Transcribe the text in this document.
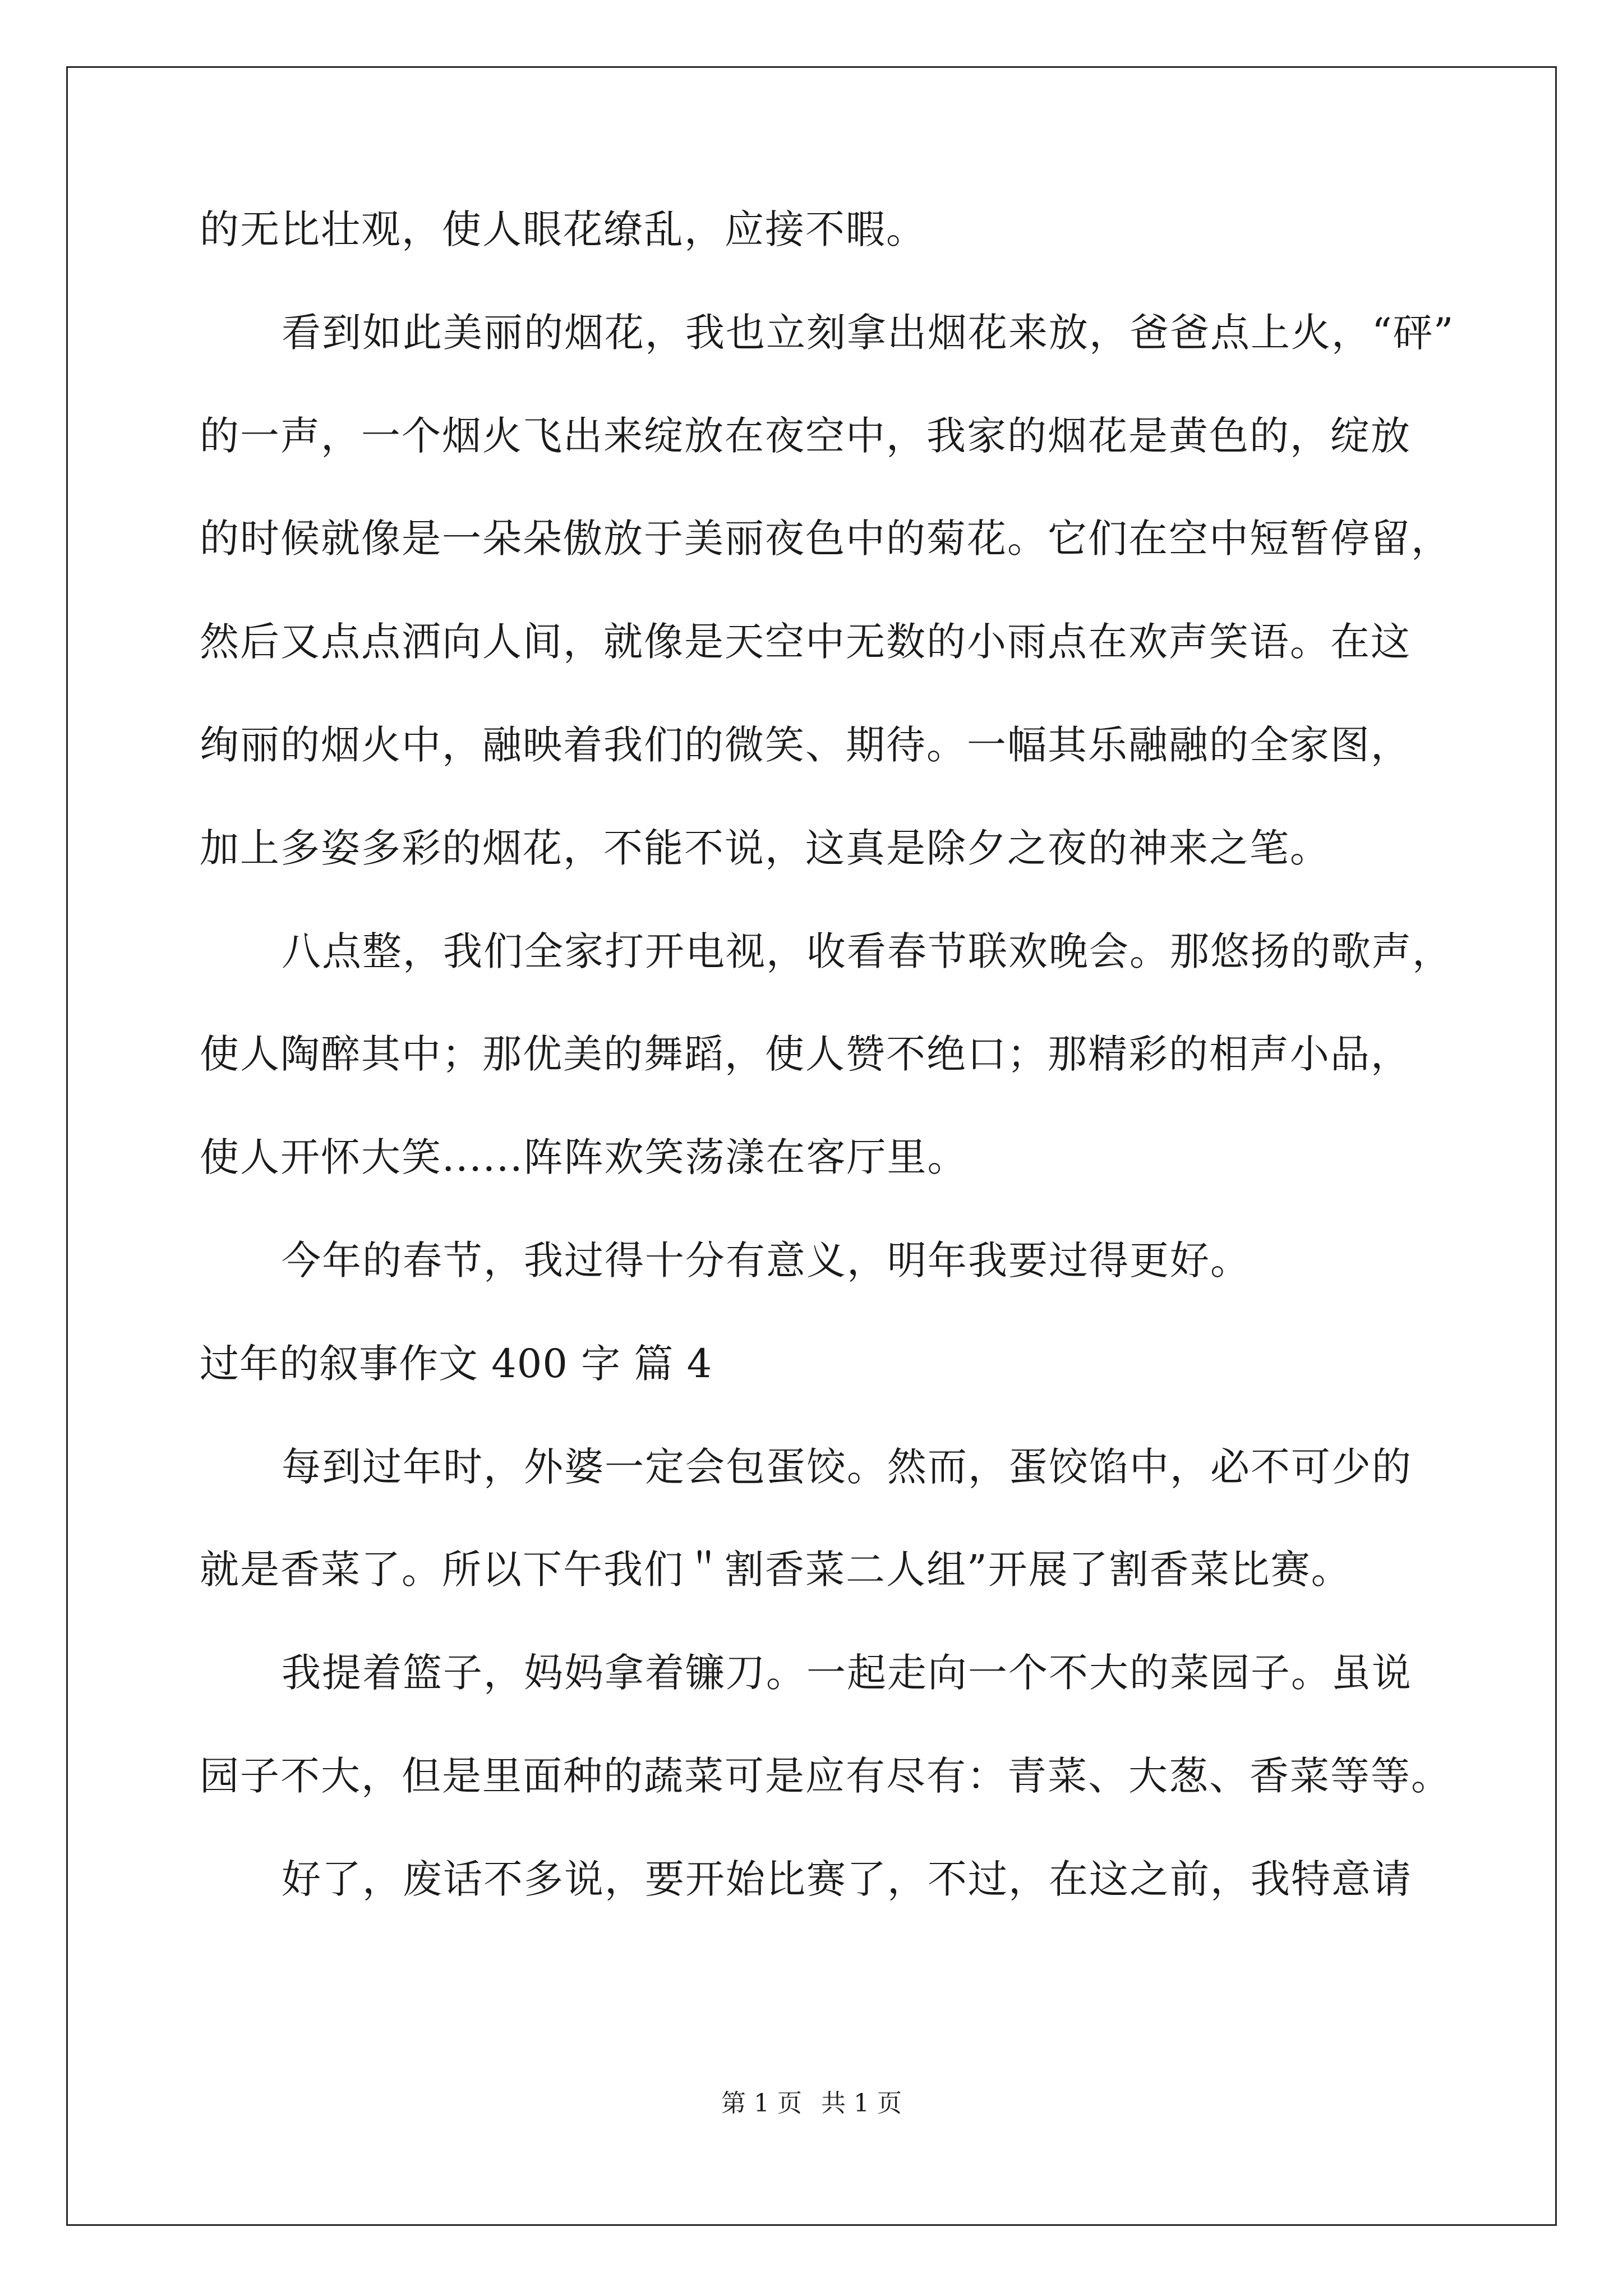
的无比壮观，使人眼花缭乱，应接不暇。

看到如此美丽的烟花，我也立刻拿出烟花来放，爸爸点上火，“砰”

的一声，一个烟火飞出来绽放在夜空中，我家的烟花是黄色的，绽放

的时候就像是一朵朵傲放于美丽夜色中的菊花。它们在空中短暂停留，

然后又点点洒向人间，就像是天空中无数的小雨点在欢声笑语。在这

绚丽的烟火中，融映着我们的微笑、期待。一幅其乐融融的全家图，

加上多姿多彩的烟花，不能不说，这真是除夕之夜的神来之笔。

八点整，我们全家打开电视，收看春节联欢晚会。那悠扬的歌声，

使人陶醉其中；那优美的舞蹈，使人赞不绝口；那精彩的相声小品，

使人开怀大笑......阵阵欢笑荡漾在客厅里。

今年的春节，我过得十分有意义，明年我要过得更好。

过年的叙事作文 400 字 篇 4

每到过年时，外婆一定会包蛋饺。然而，蛋饺馅中，必不可少的

就是香菜了。所以下午我们＂割香菜二人组”开展了割香菜比赛。

我提着篮子，妈妈拿着镰刀。一起走向一个不大的菜园子。虽说

园子不大，但是里面种的蔬菜可是应有尽有：青菜、大葱、香菜等等。

好了，废话不多说，要开始比赛了，不过，在这之前，我特意请

第 1 页 共 1 页
